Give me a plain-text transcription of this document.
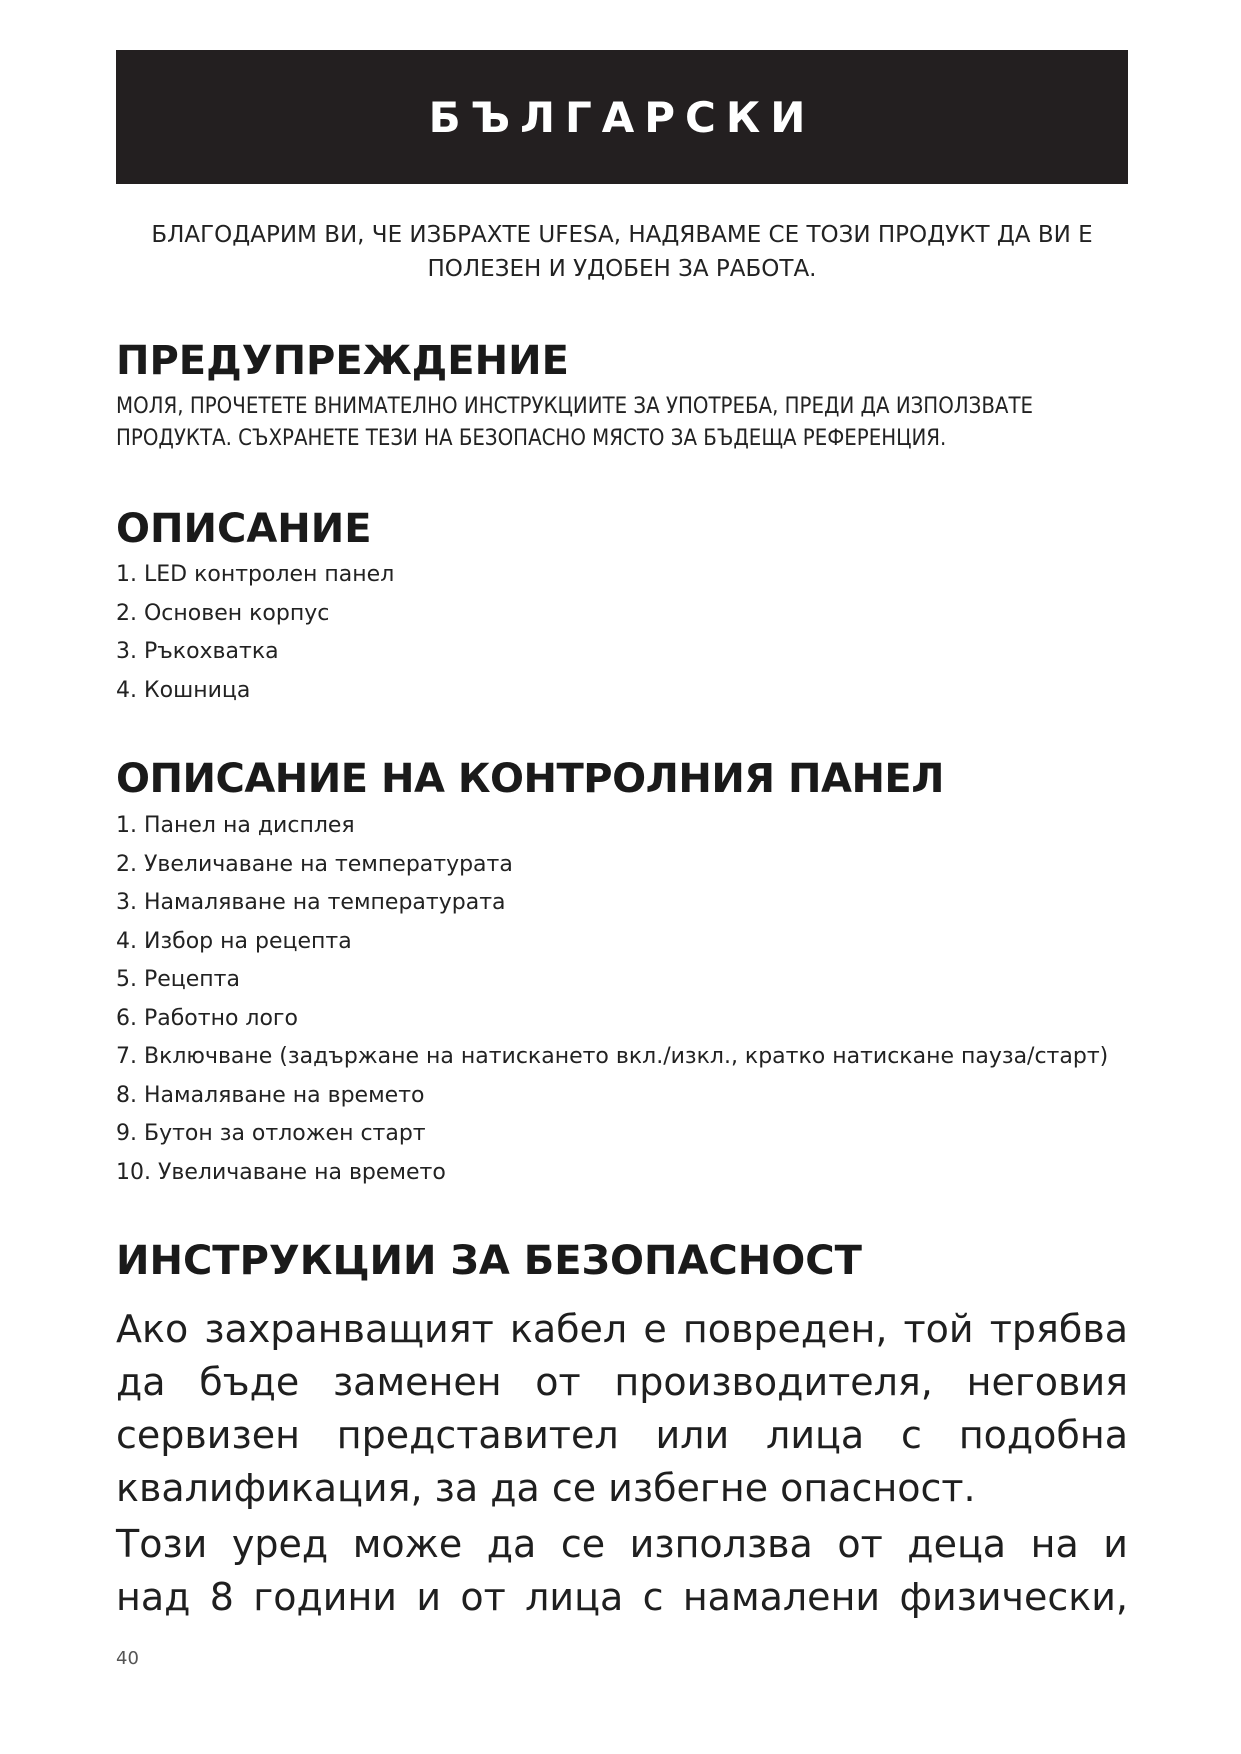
БЪЛГАРСКИ
БЛАГОДАРИМ ВИ, ЧЕ ИЗБРАХТЕ UFESA, НАДЯВАМЕ СЕ ТОЗИ ПРОДУКТ ДА ВИ Е
ПОЛЕЗЕН И УДОБЕН ЗА РАБОТА.
ПРЕДУПРЕЖДЕНИЕ
МОЛЯ, ПРОЧЕТЕТЕ ВНИМАТЕЛНО ИНСТРУКЦИИТЕ ЗА УПОТРЕБА, ПРЕДИ ДА ИЗПОЛЗВАТЕ
ПРОДУКТА. СЪХРАНЕТЕ ТЕЗИ НА БЕЗОПАСНО МЯСТО ЗА БЪДЕЩА РЕФЕРЕНЦИЯ.
ОПИСАНИЕ
1. LED контролен панел
2. Основен корпус
3. Ръкохватка
4. Кошница
ОПИСАНИЕ НА КОНТРОЛНИЯ ПАНЕЛ
1. Панел на дисплея
2. Увеличаване на температурата
3. Намаляване на температурата
4. Избор на рецепта
5. Рецепта
6. Работно лого
7. Включване (задържане на натискането вкл./изкл., кратко натискане пауза/старт)
8. Намаляване на времето
9. Бутон за отложен старт
10. Увеличаване на времето
ИНСТРУКЦИИ ЗА БЕЗОПАСНОСТ

Ако захранващият кабел е повреден, той трябва
да бъде заменен от производителя, неговия
сервизен представител или лица с подобна
квалификация, за да се избегне опасност.

Този уред може да се използва от деца на и
над 8 години и от лица с намалени физически,

40
